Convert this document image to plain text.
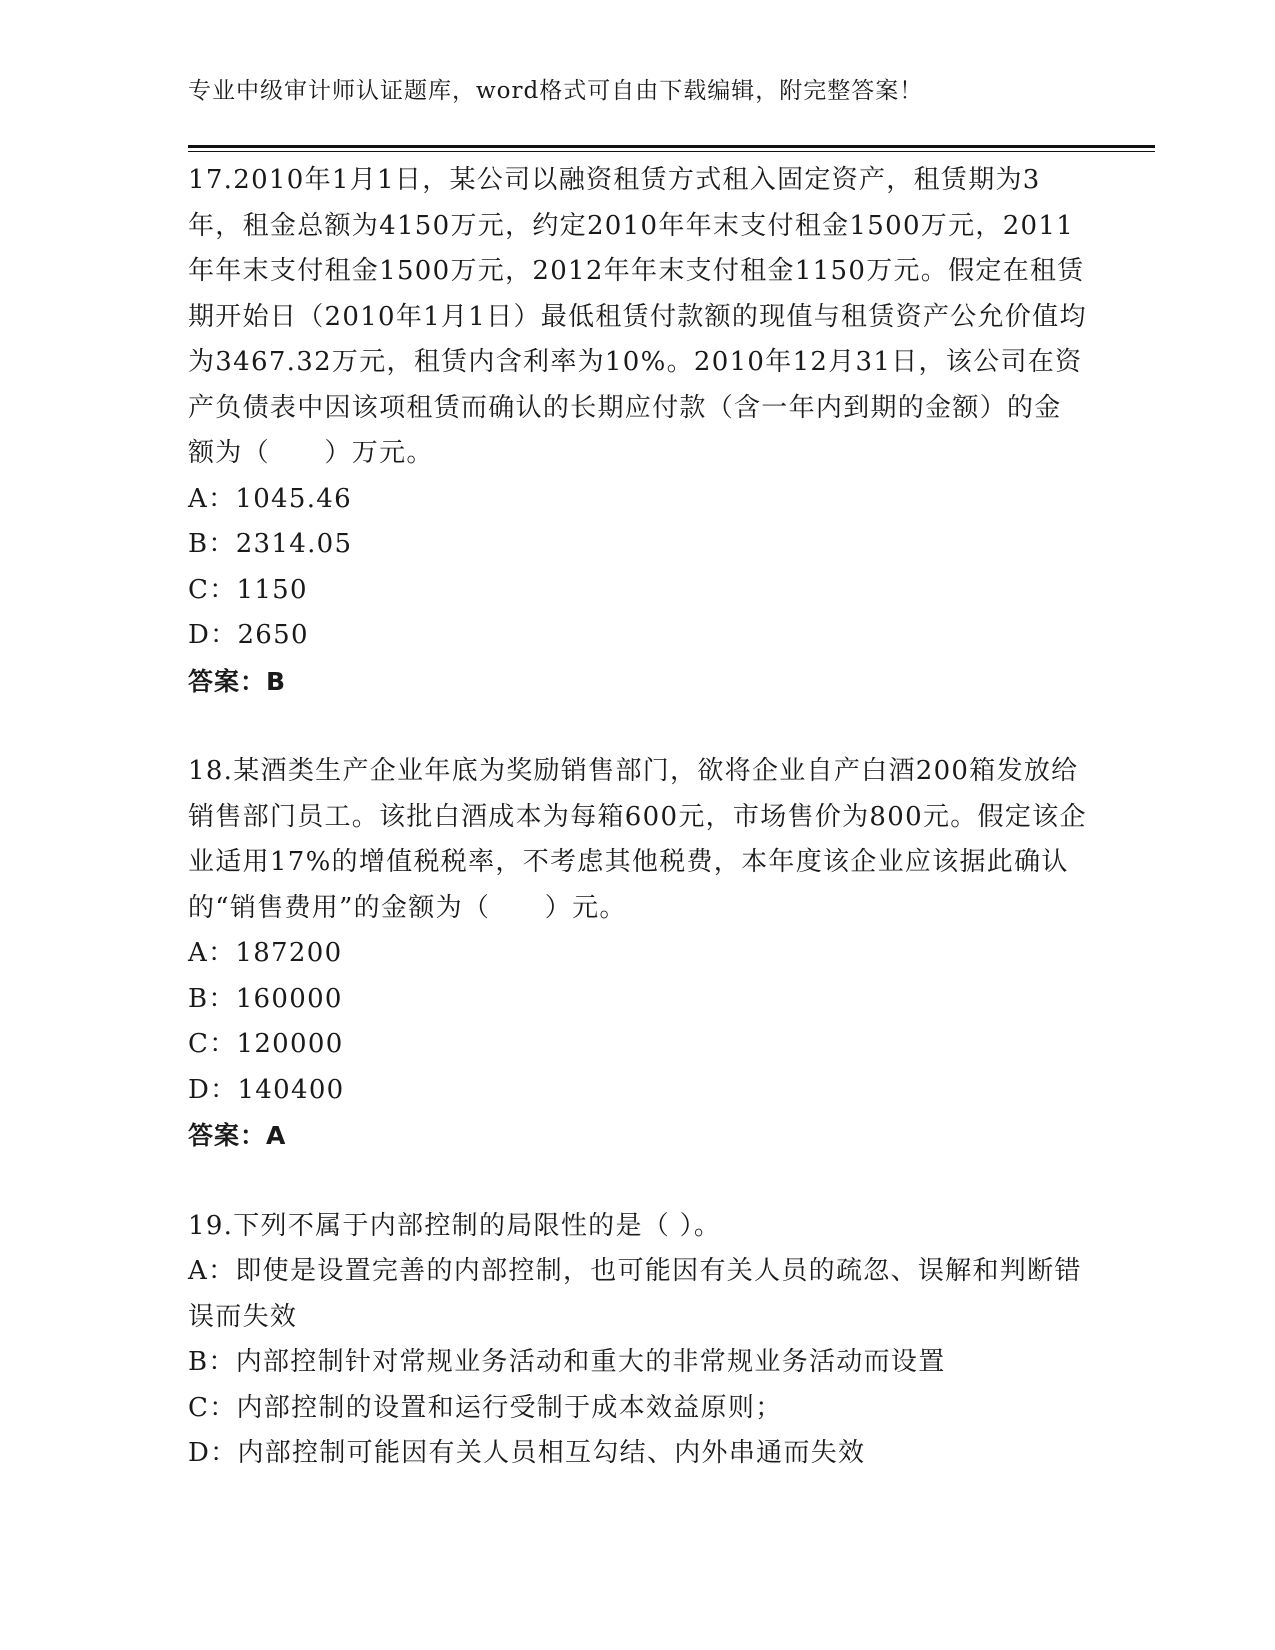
专业中级审计师认证题库，word格式可自由下载编辑，附完整答案！
17.2010年1月1日，某公司以融资租赁方式租入固定资产，租赁期为3年，租金总额为4150万元，约定2010年年末支付租金1500万元，2011年年末支付租金1500万元，2012年年末支付租金1150万元。假定在租赁期开始日（2010年1月1日）最低租赁付款额的现值与租赁资产公允价值均为3467.32万元，租赁内含利率为10%。2010年12月31日，该公司在资产负债表中因该项租赁而确认的长期应付款（含一年内到期的金额）的金额为（　　）万元。
A：1045.46
B：2314.05
C：1150
D：2650
答案：B
18.某酒类生产企业年底为奖励销售部门，欲将企业自产白酒200箱发放给销售部门员工。该批白酒成本为每箱600元，市场售价为800元。假定该企业适用17%的增值税税率，不考虑其他税费，本年度该企业应该据此确认的“销售费用”的金额为（　　）元。
A：187200
B：160000
C：120000
D：140400
答案：A
19.下列不属于内部控制的局限性的是（ ）。
A：即使是设置完善的内部控制，也可能因有关人员的疏忽、误解和判断错误而失效
B：内部控制针对常规业务活动和重大的非常规业务活动而设置
C：内部控制的设置和运行受制于成本效益原则；
D：内部控制可能因有关人员相互勾结、内外串通而失效
